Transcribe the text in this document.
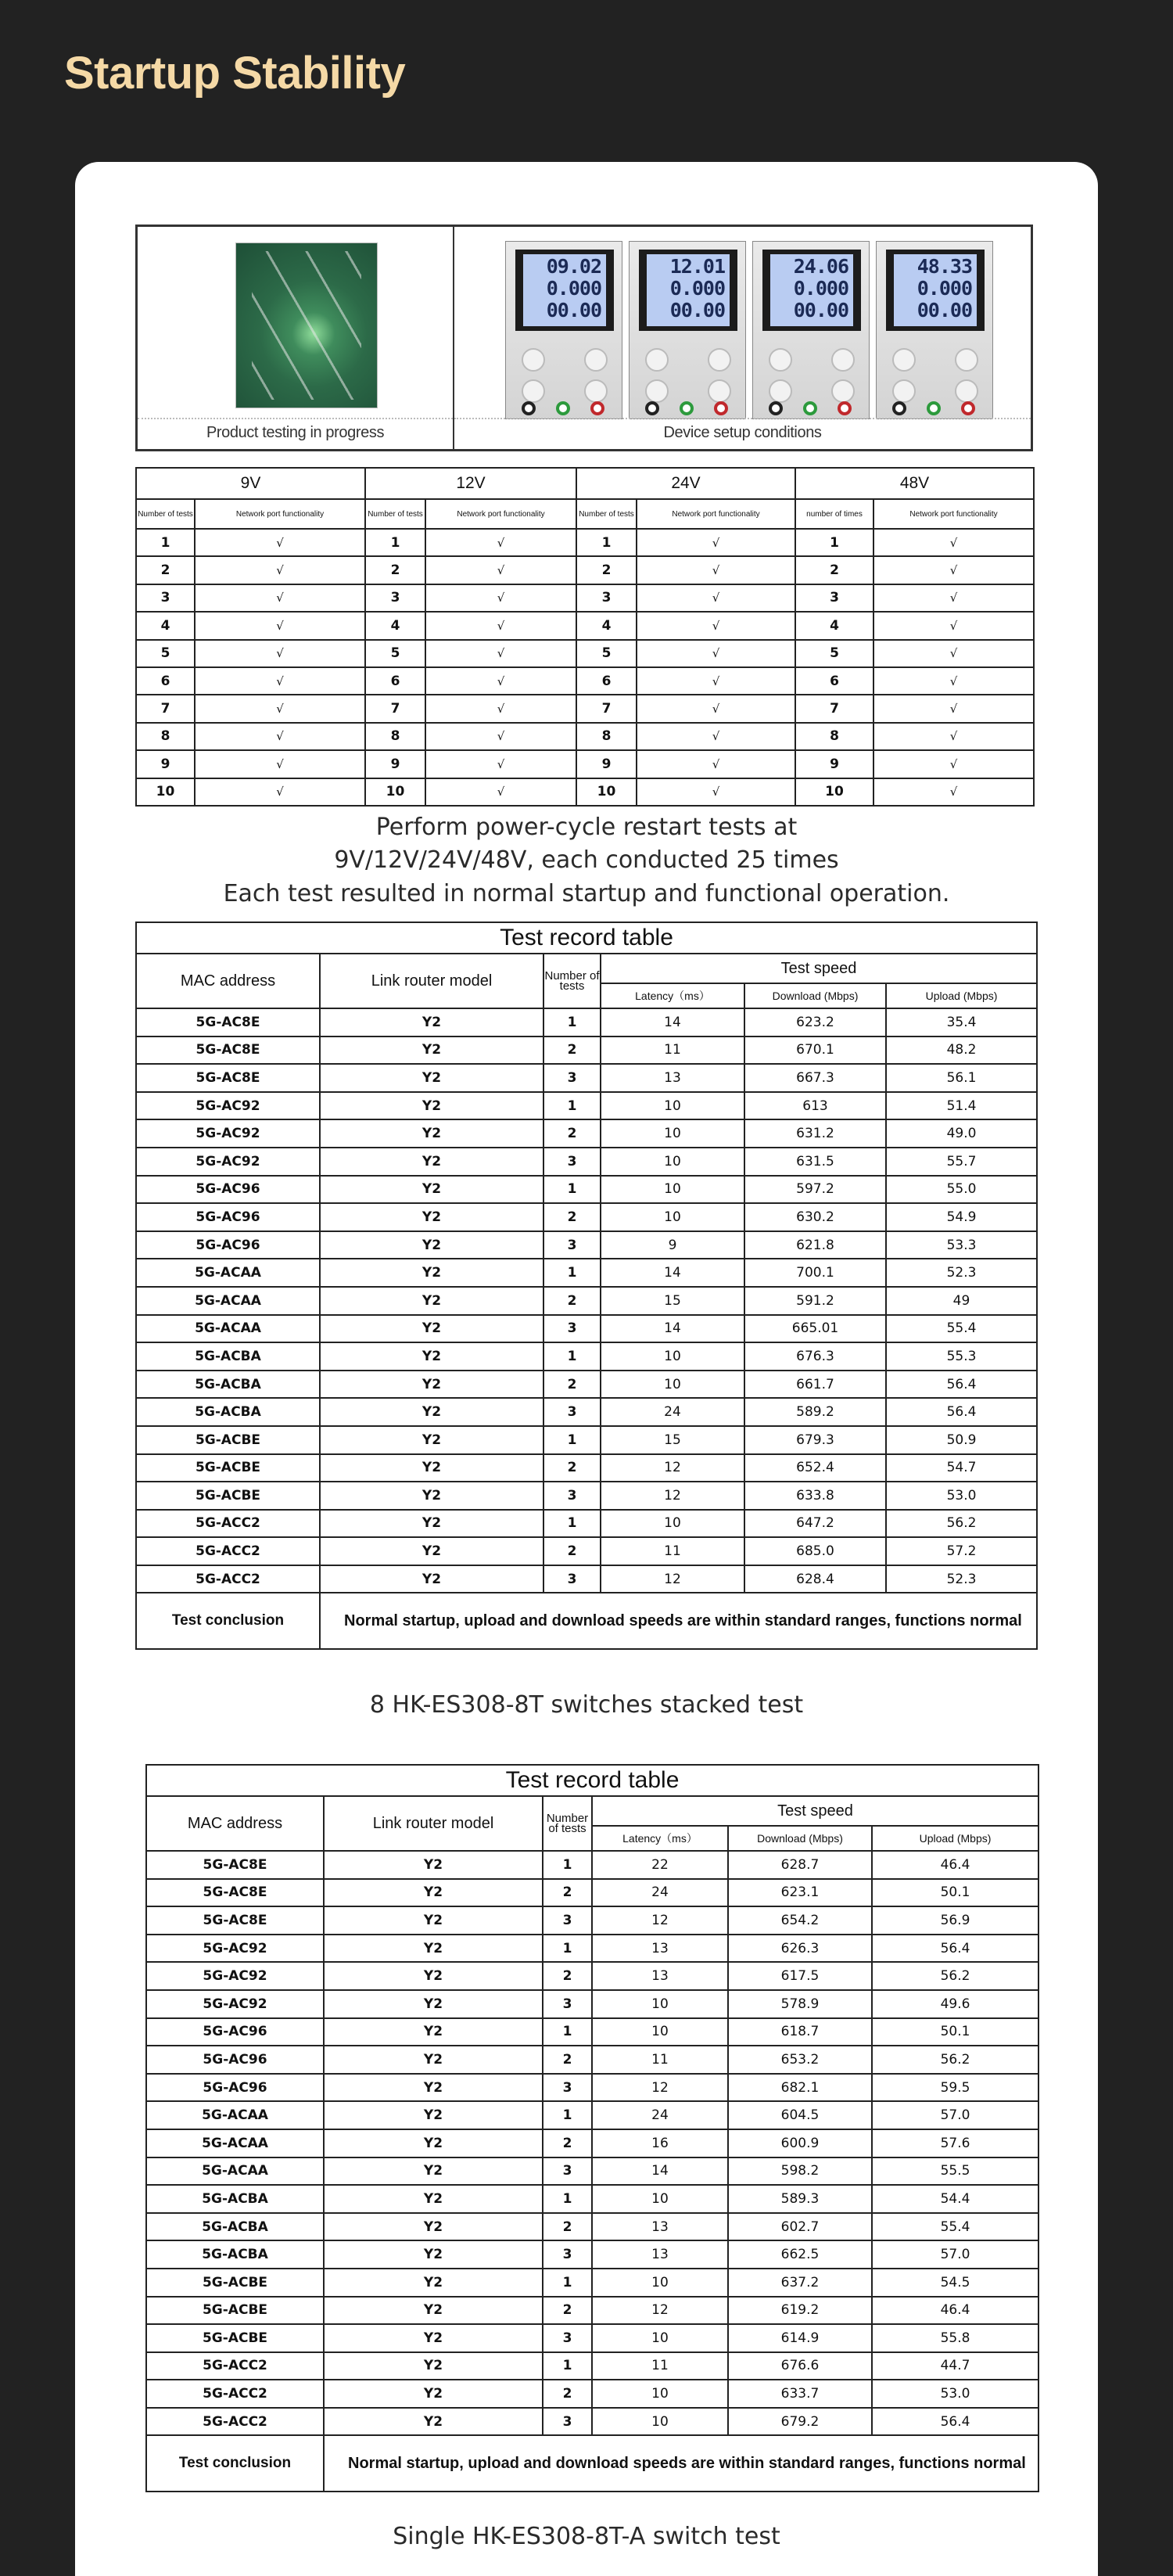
Startup Stability
Product testing in progress
09.02
0.000
00.00
12.01
0.000
00.00
24.06
0.000
00.00
48.33
0.000
00.00
Device setup conditions
9V		12V		24V		48V	
Number of tests	Network port functionality	Number of tests	Network port functionality	Number of tests	Network port functionality	number of times	Network port functionality
1	√	1	√	1	√	1	√
2	√	2	√	2	√	2	√
3	√	3	√	3	√	3	√
4	√	4	√	4	√	4	√
5	√	5	√	5	√	5	√
6	√	6	√	6	√	6	√
7	√	7	√	7	√	7	√
8	√	8	√	8	√	8	√
9	√	9	√	9	√	9	√
10	√	10	√	10	√	10	√
Perform power-cycle restart tests at
9V/12V/24V/48V, each conducted 25 times
Each test resulted in normal startup and functional operation.
Test record table					
MAC address	Link router model	Number of tests	Test speed		
			Latency（ms）	Download (Mbps)	Upload (Mbps)
5G-AC8E	Y2	1	14	623.2	35.4
5G-AC8E	Y2	2	11	670.1	48.2
5G-AC8E	Y2	3	13	667.3	56.1
5G-AC92	Y2	1	10	613	51.4
5G-AC92	Y2	2	10	631.2	49.0
5G-AC92	Y2	3	10	631.5	55.7
5G-AC96	Y2	1	10	597.2	55.0
5G-AC96	Y2	2	10	630.2	54.9
5G-AC96	Y2	3	9	621.8	53.3
5G-ACAA	Y2	1	14	700.1	52.3
5G-ACAA	Y2	2	15	591.2	49
5G-ACAA	Y2	3	14	665.01	55.4
5G-ACBA	Y2	1	10	676.3	55.3
5G-ACBA	Y2	2	10	661.7	56.4
5G-ACBA	Y2	3	24	589.2	56.4
5G-ACBE	Y2	1	15	679.3	50.9
5G-ACBE	Y2	2	12	652.4	54.7
5G-ACBE	Y2	3	12	633.8	53.0
5G-ACC2	Y2	1	10	647.2	56.2
5G-ACC2	Y2	2	11	685.0	57.2
5G-ACC2	Y2	3	12	628.4	52.3
Test conclusion	Normal startup, upload and download speeds are within standard ranges, functions normal				
8 HK-ES308-8T switches stacked test
Test record table					
MAC address	Link router model	Number of tests	Test speed		
			Latency（ms）	Download (Mbps)	Upload (Mbps)
5G-AC8E	Y2	1	22	628.7	46.4
5G-AC8E	Y2	2	24	623.1	50.1
5G-AC8E	Y2	3	12	654.2	56.9
5G-AC92	Y2	1	13	626.3	56.4
5G-AC92	Y2	2	13	617.5	56.2
5G-AC92	Y2	3	10	578.9	49.6
5G-AC96	Y2	1	10	618.7	50.1
5G-AC96	Y2	2	11	653.2	56.2
5G-AC96	Y2	3	12	682.1	59.5
5G-ACAA	Y2	1	24	604.5	57.0
5G-ACAA	Y2	2	16	600.9	57.6
5G-ACAA	Y2	3	14	598.2	55.5
5G-ACBA	Y2	1	10	589.3	54.4
5G-ACBA	Y2	2	13	602.7	55.4
5G-ACBA	Y2	3	13	662.5	57.0
5G-ACBE	Y2	1	10	637.2	54.5
5G-ACBE	Y2	2	12	619.2	46.4
5G-ACBE	Y2	3	10	614.9	55.8
5G-ACC2	Y2	1	11	676.6	44.7
5G-ACC2	Y2	2	10	633.7	53.0
5G-ACC2	Y2	3	10	679.2	56.4
Test conclusion	Normal startup, upload and download speeds are within standard ranges, functions normal				
Single HK-ES308-8T-A switch test
